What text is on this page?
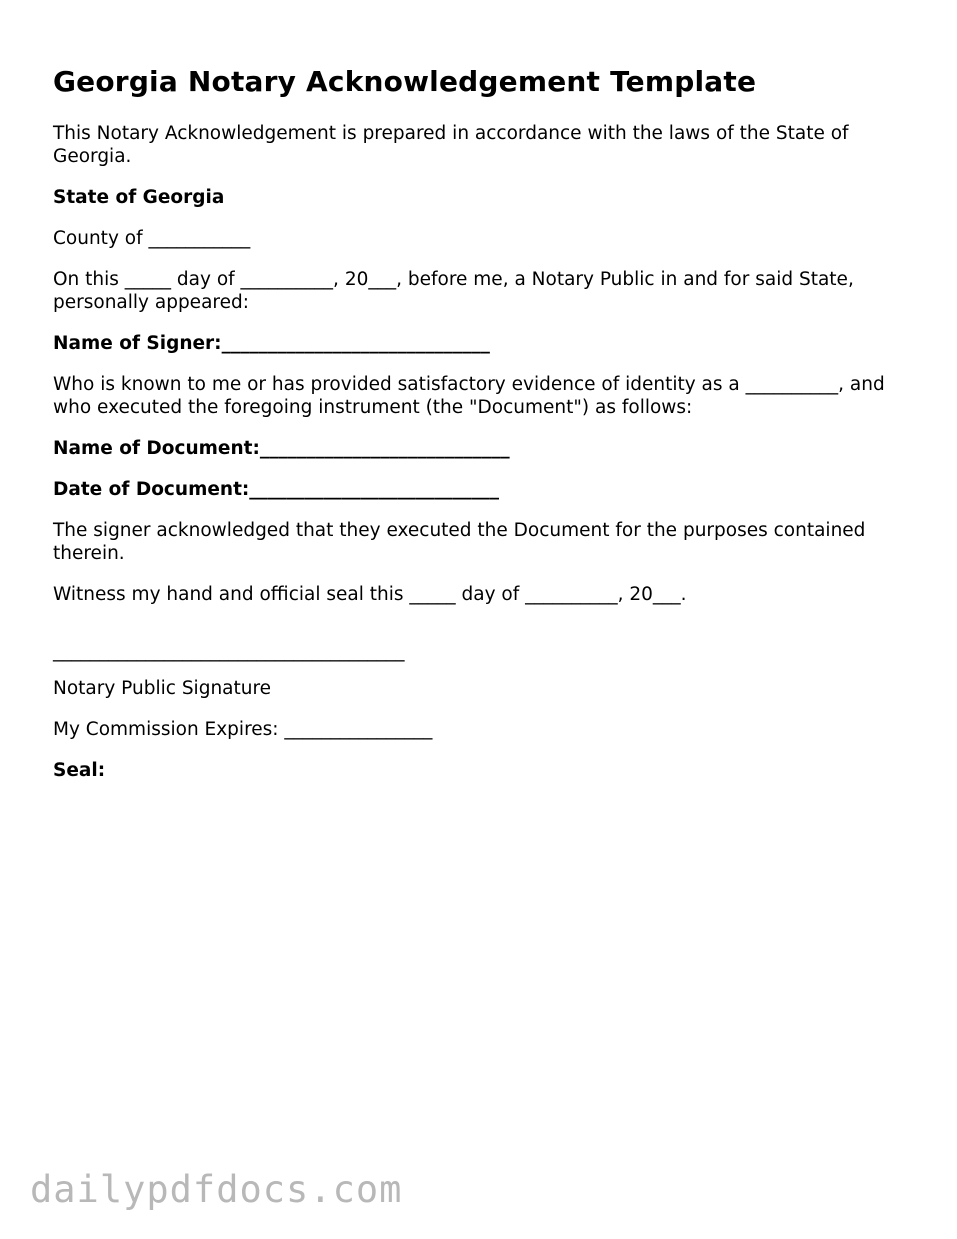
Georgia Notary Acknowledgement Template

This Notary Acknowledgement is prepared in accordance with the laws of the State of Georgia.

State of Georgia

County of ___________

On this _____ day of __________, 20___, before me, a Notary Public in and for said State, personally appeared:

Name of Signer:_____________________________

Who is known to me or has provided satisfactory evidence of identity as a __________, and who executed the foregoing instrument (the "Document") as follows:

Name of Document:___________________________

Date of Document:___________________________

The signer acknowledged that they executed the Document for the purposes contained therein.

Witness my hand and official seal this _____ day of __________, 20___.

______________________________________

Notary Public Signature

My Commission Expires: ________________

Seal:

dailypdfdocs.com
